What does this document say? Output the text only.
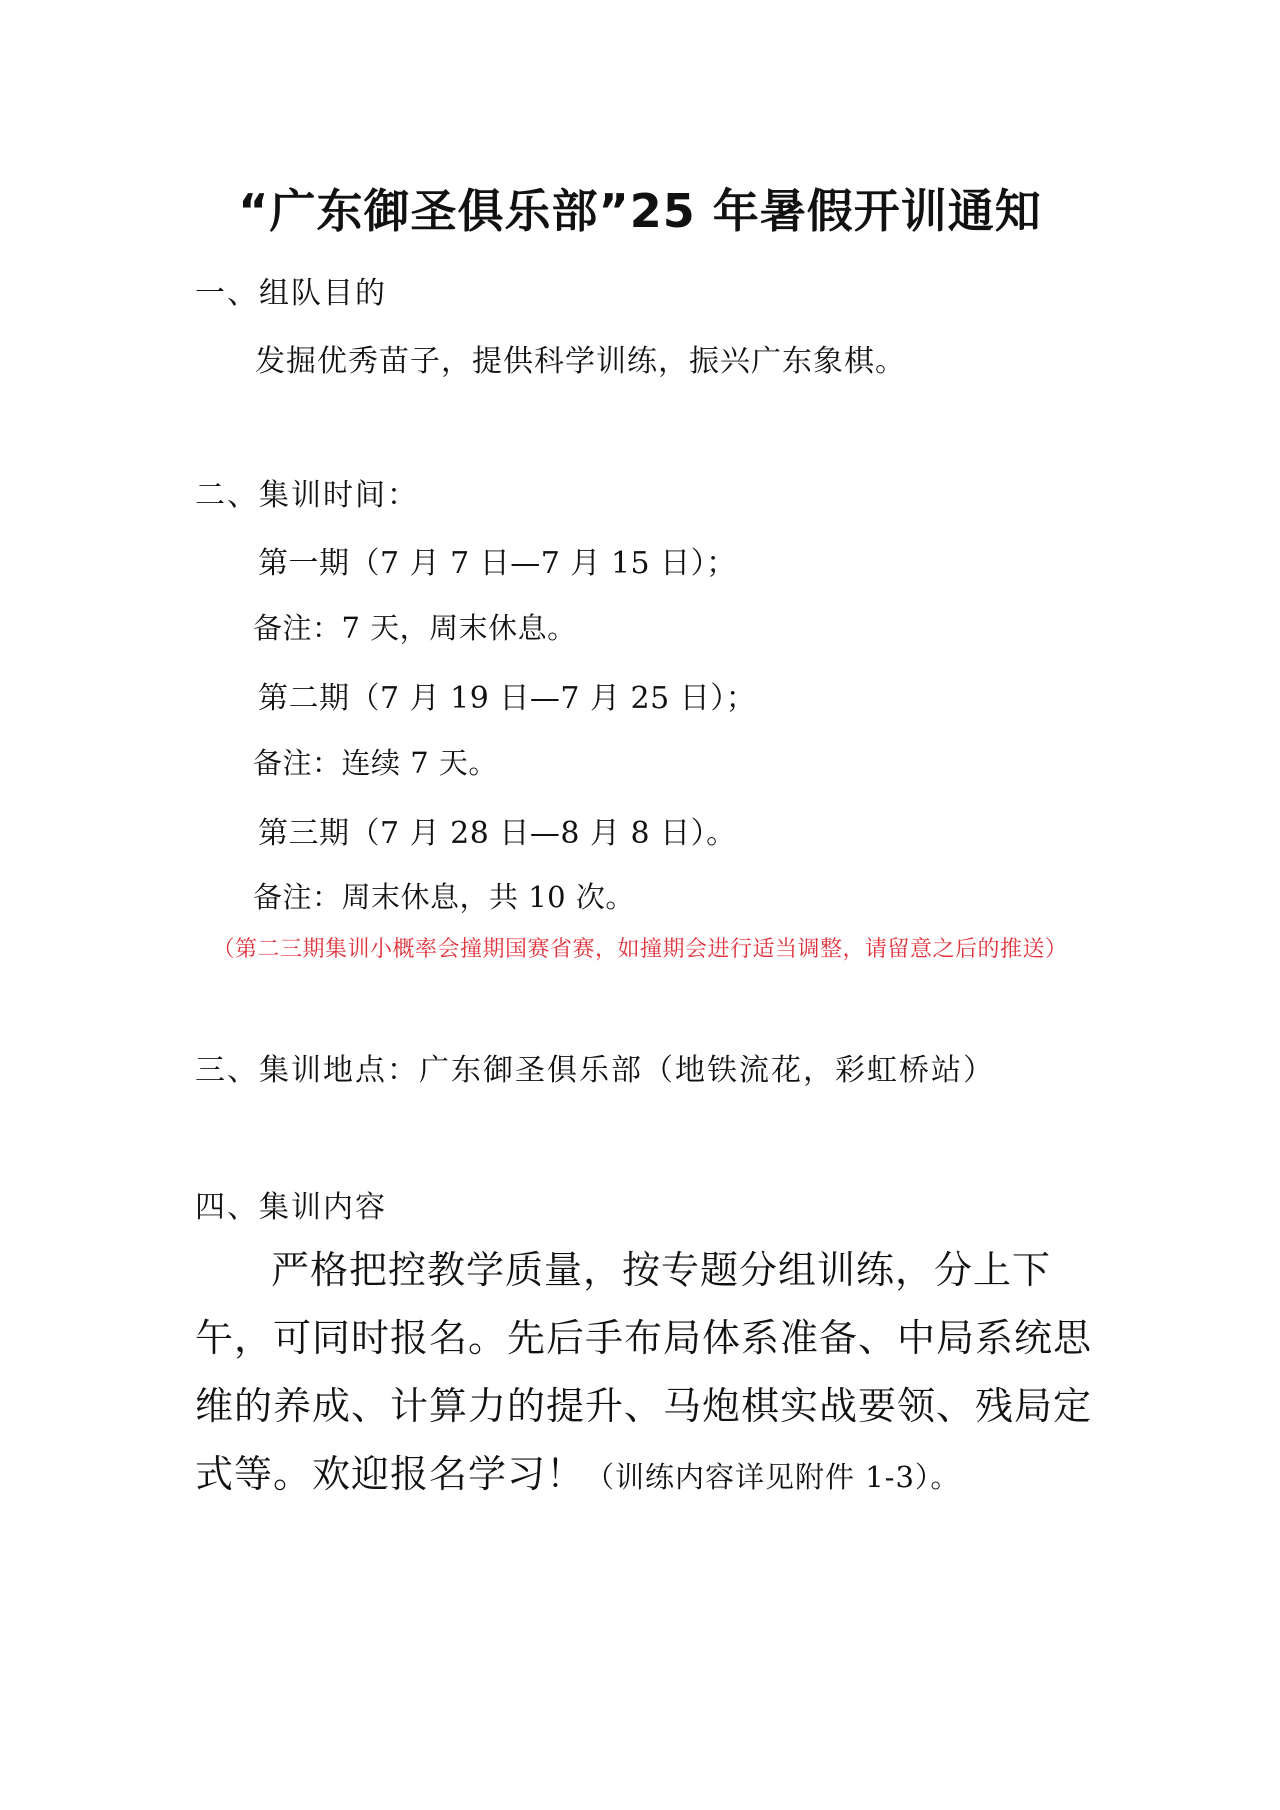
“广东御圣俱乐部”25 年暑假开训通知
一、组队目的
发掘优秀苗子，提供科学训练，振兴广东象棋。
二、集训时间：
第一期（7 月 7 日—7 月 15 日）；
备注：7 天，周末休息。
第二期（7 月 19 日—7 月 25 日）；
备注：连续 7 天。
第三期（7 月 28 日—8 月 8 日）。
备注：周末休息，共 10 次。
（第二三期集训小概率会撞期国赛省赛，如撞期会进行适当调整，请留意之后的推送）
三、集训地点：广东御圣俱乐部（地铁流花，彩虹桥站）
四、集训内容
严格把控教学质量，按专题分组训练，分上下午，可同时报名。先后手布局体系准备、中局系统思维的养成、计算力的提升、马炮棋实战要领、残局定式等。欢迎报名学习！（训练内容详见附件 1-3）。
